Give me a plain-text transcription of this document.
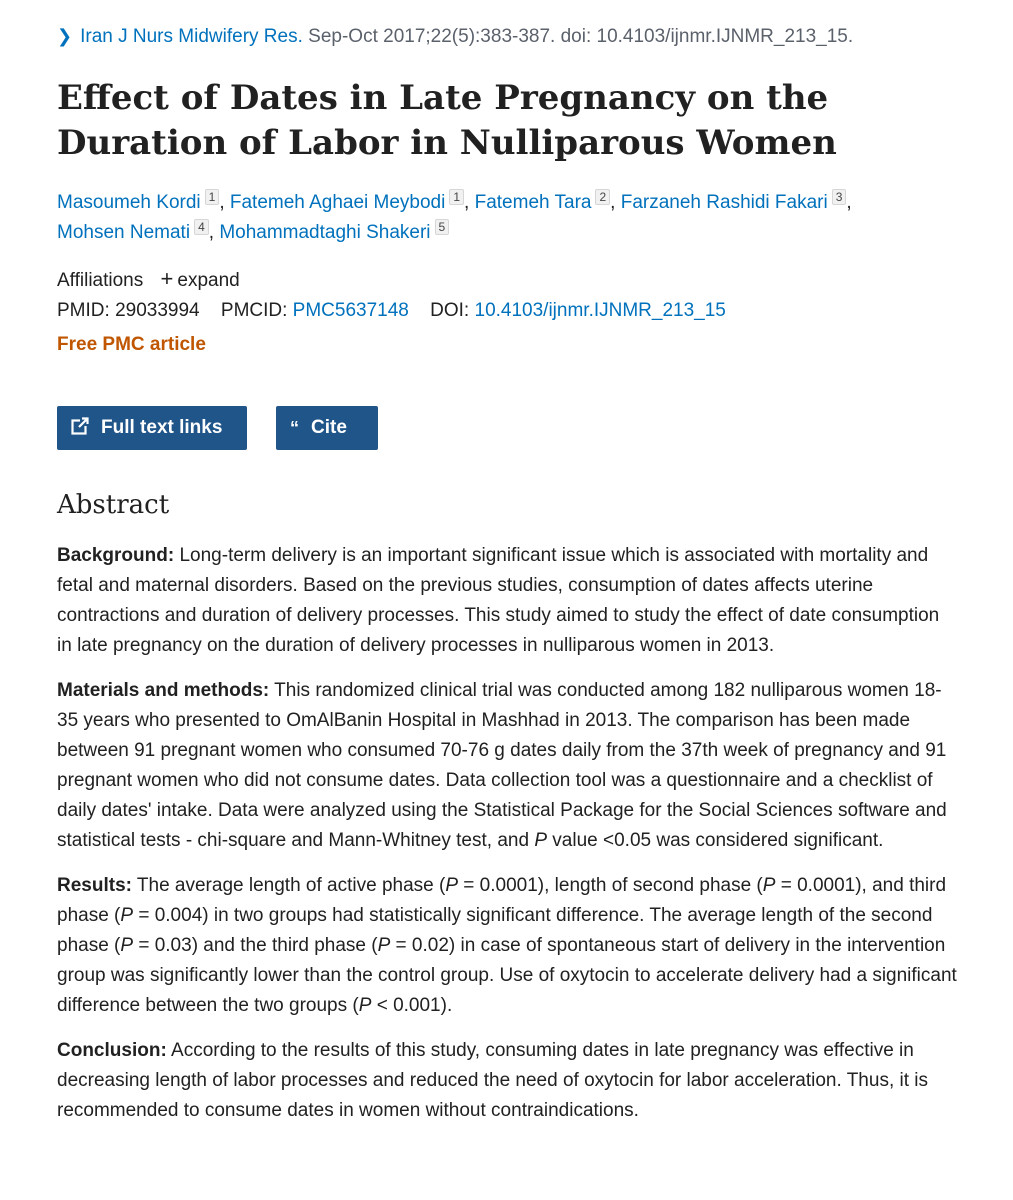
❯ Iran J Nurs Midwifery Res. Sep-Oct 2017;22(5):383-387. doi: 10.4103/ijnmr.IJNMR_213_15.
Effect of Dates in Late Pregnancy on the Duration of Labor in Nulliparous Women
Masoumeh Kordi $^1$ , Fatemeh Aghaei Meybodi $^1$ , Fatemeh Tara $^2$ , Farzaneh Rashidi Fakari $^3$ ,
Mohsen Nemati $^4$ , Mohammadtaghi Shakeri $^5$
Affiliations + expand
PMID: 29033994 PMCID: PMC5637148 DOI: 10.4103/ijnmr.IJNMR_213_15
Free PMC article
Full text links	“ Cite
Abstract

Background: Long-term delivery is an important significant issue which is associated with mortality and fetal and maternal disorders. Based on the previous studies, consumption of dates affects uterine contractions and duration of delivery processes. This study aimed to study the effect of date consumption in late pregnancy on the duration of delivery processes in nulliparous women in 2013.

Materials and methods: This randomized clinical trial was conducted among 182 nulliparous women 18-35 years who presented to OmAlBanin Hospital in Mashhad in 2013. The comparison has been made between 91 pregnant women who consumed 70-76 g dates daily from the 37th week of pregnancy and 91 pregnant women who did not consume dates. Data collection tool was a questionnaire and a checklist of daily dates' intake. Data were analyzed using the Statistical Package for the Social Sciences software and statistical tests - chi-square and Mann-Whitney test, and P value <0.05 was considered significant.

Results: The average length of active phase (P = 0.0001), length of second phase (P = 0.0001), and third phase (P = 0.004) in two groups had statistically significant difference. The average length of the second phase (P = 0.03) and the third phase (P = 0.02) in case of spontaneous start of delivery in the intervention group was significantly lower than the control group. Use of oxytocin to accelerate delivery had a significant difference between the two groups (P < 0.001).

Conclusion: According to the results of this study, consuming dates in late pregnancy was effective in decreasing length of labor processes and reduced the need of oxytocin for labor acceleration. Thus, it is recommended to consume dates in women without contraindications.
